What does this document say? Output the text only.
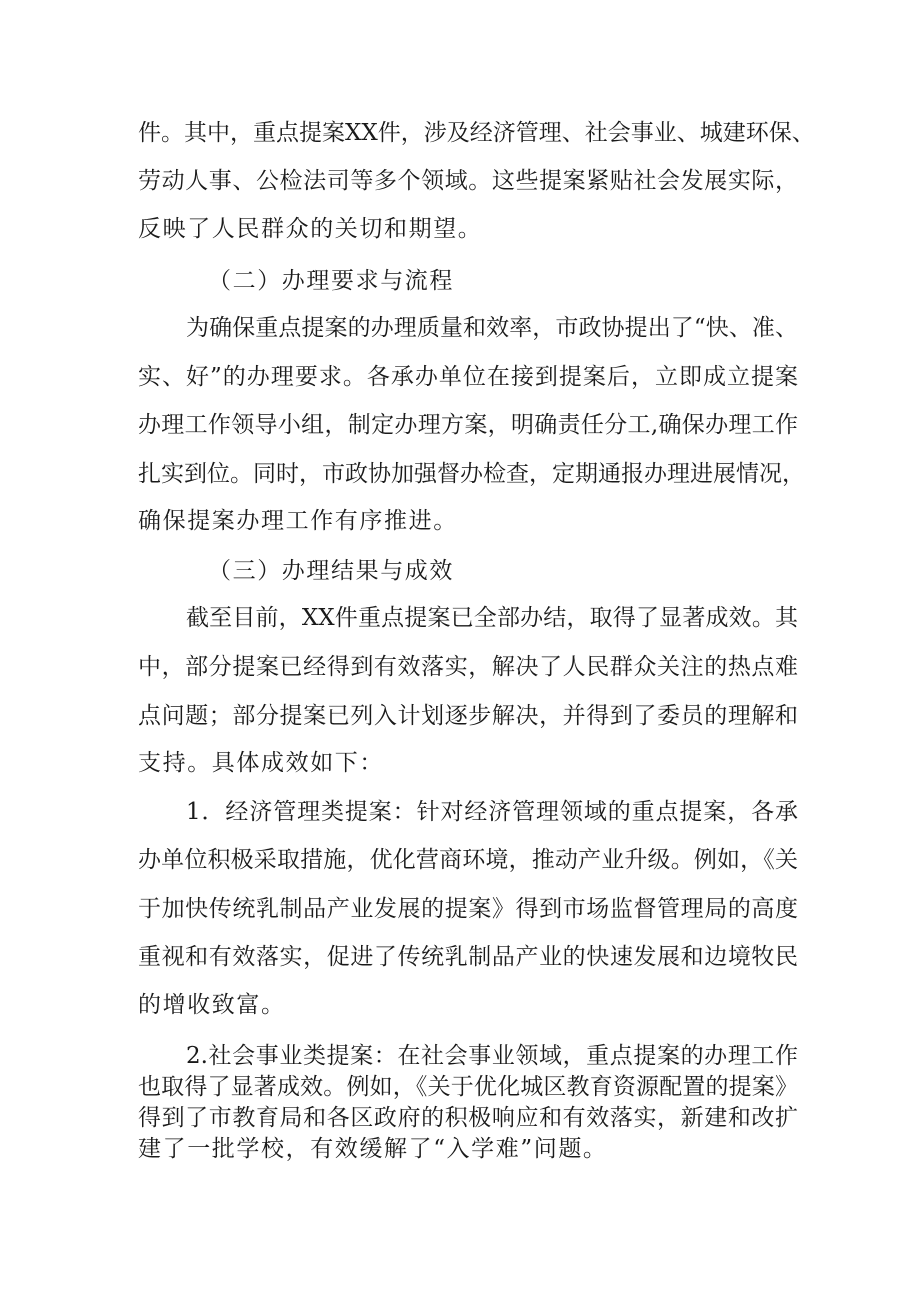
件。其中，重点提案XX件，涉及经济管理、社会事业、城建环保、
劳动人事、公检法司等多个领域。这些提案紧贴社会发展实际，
反映了人民群众的关切和期望。
（二）办理要求与流程
为确保重点提案的办理质量和效率，市政协提出了“快、准、
实、好”的办理要求。各承办单位在接到提案后，立即成立提案
办理工作领导小组，制定办理方案，明确责任分工,确保办理工作
扎实到位。同时，市政协加强督办检查，定期通报办理进展情况，
确保提案办理工作有序推进。
（三）办理结果与成效
截至目前，XX件重点提案已全部办结，取得了显著成效。其
中，部分提案已经得到有效落实，解决了人民群众关注的热点难
点问题；部分提案已列入计划逐步解决，并得到了委员的理解和
支持。具体成效如下：
1．经济管理类提案：针对经济管理领域的重点提案，各承
办单位积极采取措施，优化营商环境，推动产业升级。例如，《关
于加快传统乳制品产业发展的提案》得到市场监督管理局的高度
重视和有效落实，促进了传统乳制品产业的快速发展和边境牧民
的增收致富。
2.社会事业类提案：在社会事业领域，重点提案的办理工作
也取得了显著成效。例如，《关于优化城区教育资源配置的提案》
得到了市教育局和各区政府的积极响应和有效落实，新建和改扩
建了一批学校，有效缓解了“入学难”问题。
